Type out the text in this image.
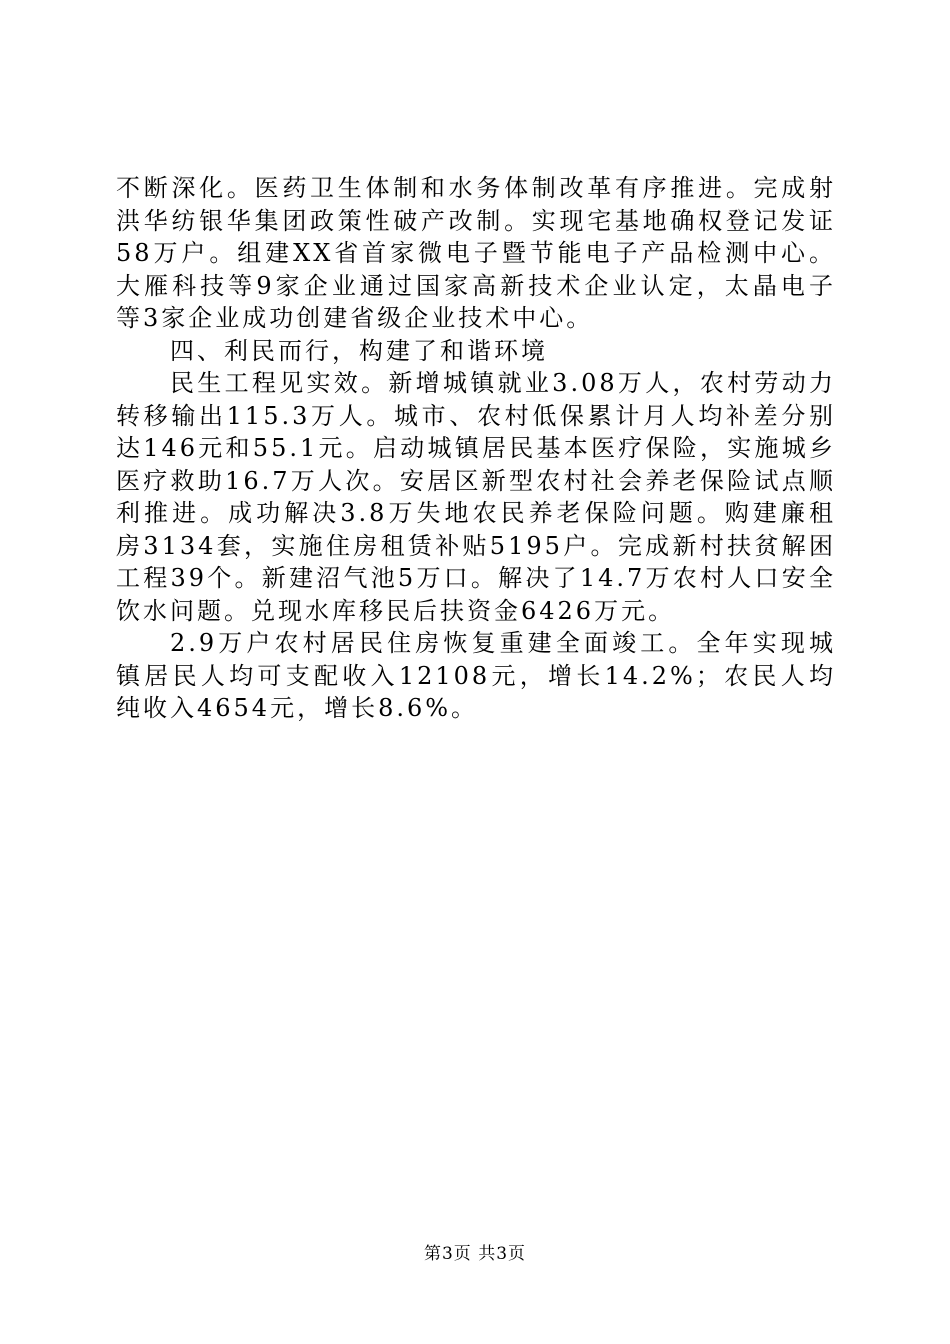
不断深化。医药卫生体制和水务体制改革有序推进。完成射洪华纺银华集团政策性破产改制。实现宅基地确权登记发证58万户。组建XX省首家微电子暨节能电子产品检测中心。大雁科技等9家企业通过国家高新技术企业认定，太晶电子等3家企业成功创建省级企业技术中心。

四、利民而行，构建了和谐环境

民生工程见实效。新增城镇就业3.08万人，农村劳动力转移输出115.3万人。城市、农村低保累计月人均补差分别达146元和55.1元。启动城镇居民基本医疗保险，实施城乡医疗救助16.7万人次。安居区新型农村社会养老保险试点顺利推进。成功解决3.8万失地农民养老保险问题。购建廉租房3134套，实施住房租赁补贴5195户。完成新村扶贫解困工程39个。新建沼气池5万口。解决了14.7万农村人口安全饮水问题。兑现水库移民后扶资金6426万元。

2.9万户农村居民住房恢复重建全面竣工。全年实现城镇居民人均可支配收入12108元，增长14.2%；农民人均纯收入4654元，增长8.6%。

第3页 共3页
